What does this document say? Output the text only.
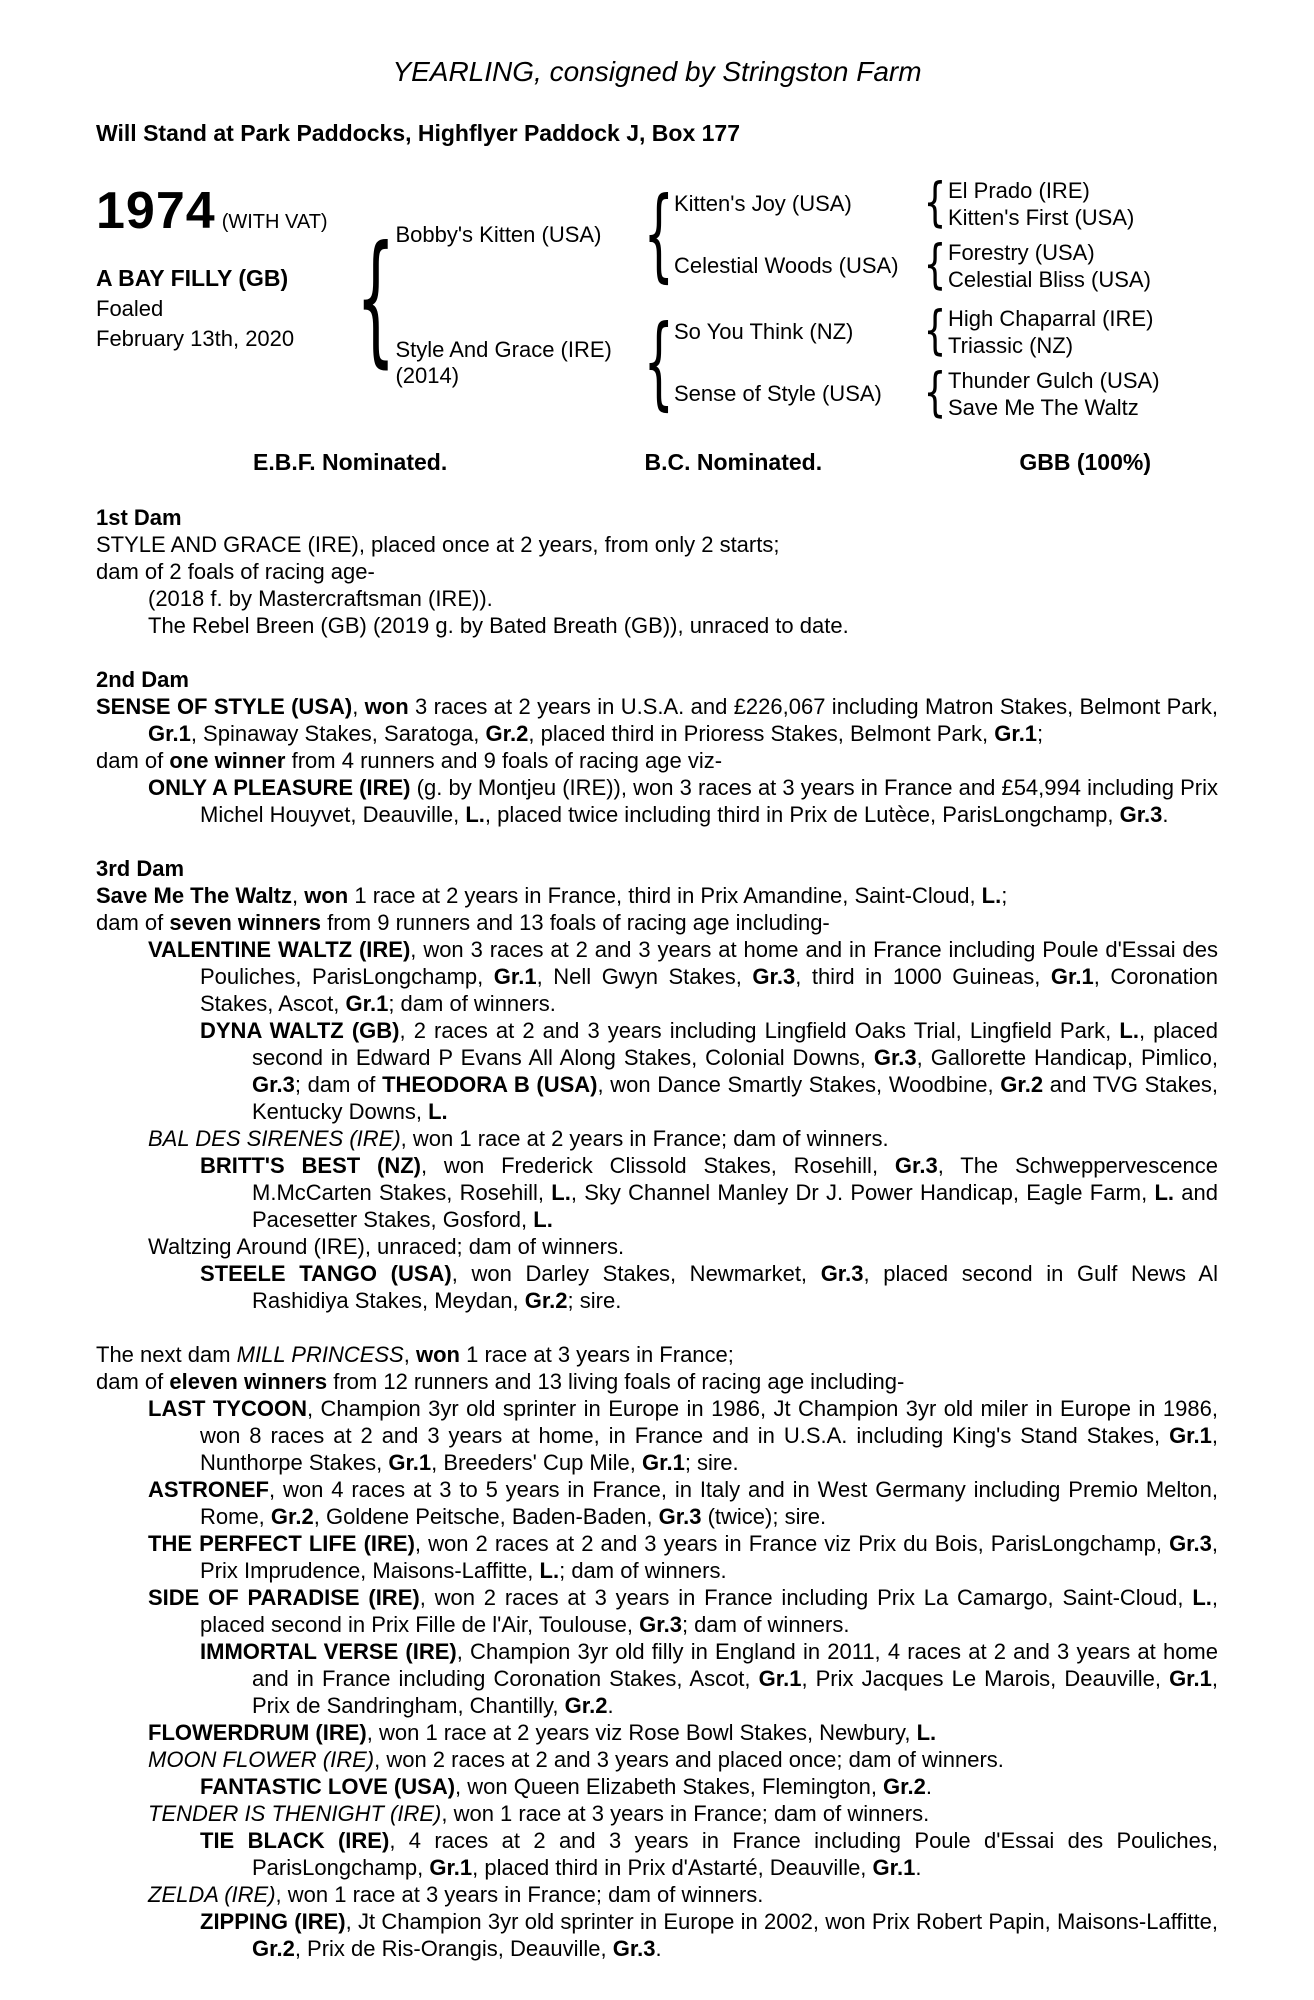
YEARLING, consigned by Stringston Farm
Will Stand at Park Paddocks, Highflyer Paddock J, Box 177
1974 (WITH VAT)
A BAY FILLY (GB)
Foaled
February 13th, 2020 { Bobby's Kitten (USA) { Kitten's Joy (USA)	{ El Prado (IRE)
Kitten's First (USA)
Celestial Woods (USA) { Forestry (USA)
Celestial Bliss (USA)
Style And Grace (IRE)
(2014)	{ So You Think (NZ)	{ High Chaparral (IRE)
Triassic (NZ)
Sense of Style (USA)	{ Thunder Gulch (USA)
Save Me The Waltz
E.B.F. Nominated.	B.C. Nominated.	GBB (100%)
1st Dam
STYLE AND GRACE (IRE), placed once at 2 years, from only 2 starts;
dam of 2 foals of racing age-
(2018 f. by Mastercraftsman (IRE)).
The Rebel Breen (GB) (2019 g. by Bated Breath (GB)), unraced to date.
2nd Dam
SENSE OF STYLE (USA), won 3 races at 2 years in U.S.A. and £226,067 including Matron Stakes, Belmont Park, Gr.1, Spinaway Stakes, Saratoga, Gr.2, placed third in Prioress Stakes, Belmont Park, Gr.1;
dam of one winner from 4 runners and 9 foals of racing age viz-
ONLY A PLEASURE (IRE) (g. by Montjeu (IRE)), won 3 races at 3 years in France and £54,994 including Prix Michel Houyvet, Deauville, L., placed twice including third in Prix de Lutèce, ParisLongchamp, Gr.3.
3rd Dam
Save Me The Waltz, won 1 race at 2 years in France, third in Prix Amandine, Saint-Cloud, L.;
dam of seven winners from 9 runners and 13 foals of racing age including-
VALENTINE WALTZ (IRE), won 3 races at 2 and 3 years at home and in France including Poule d'Essai des Pouliches, ParisLongchamp, Gr.1, Nell Gwyn Stakes, Gr.3, third in 1000 Guineas, Gr.1, Coronation Stakes, Ascot, Gr.1; dam of winners.
DYNA WALTZ (GB), 2 races at 2 and 3 years including Lingfield Oaks Trial, Lingfield Park, L., placed second in Edward P Evans All Along Stakes, Colonial Downs, Gr.3, Gallorette Handicap, Pimlico, Gr.3; dam of THEODORA B (USA), won Dance Smartly Stakes, Woodbine, Gr.2 and TVG Stakes, Kentucky Downs, L.
BAL DES SIRENES (IRE), won 1 race at 2 years in France; dam of winners.
BRITT'S BEST (NZ), won Frederick Clissold Stakes, Rosehill, Gr.3, The Schweppervescence M.McCarten Stakes, Rosehill, L., Sky Channel Manley Dr J. Power Handicap, Eagle Farm, L. and Pacesetter Stakes, Gosford, L.
Waltzing Around (IRE), unraced; dam of winners.
STEELE TANGO (USA), won Darley Stakes, Newmarket, Gr.3, placed second in Gulf News Al Rashidiya Stakes, Meydan, Gr.2; sire.
The next dam MILL PRINCESS, won 1 race at 3 years in France;
dam of eleven winners from 12 runners and 13 living foals of racing age including-
LAST TYCOON, Champion 3yr old sprinter in Europe in 1986, Jt Champion 3yr old miler in Europe in 1986, won 8 races at 2 and 3 years at home, in France and in U.S.A. including King's Stand Stakes, Gr.1, Nunthorpe Stakes, Gr.1, Breeders' Cup Mile, Gr.1; sire.
ASTRONEF, won 4 races at 3 to 5 years in France, in Italy and in West Germany including Premio Melton, Rome, Gr.2, Goldene Peitsche, Baden-Baden, Gr.3 (twice); sire.
THE PERFECT LIFE (IRE), won 2 races at 2 and 3 years in France viz Prix du Bois, ParisLongchamp, Gr.3, Prix Imprudence, Maisons-Laffitte, L.; dam of winners.
SIDE OF PARADISE (IRE), won 2 races at 3 years in France including Prix La Camargo, Saint-Cloud, L., placed second in Prix Fille de l'Air, Toulouse, Gr.3; dam of winners.
IMMORTAL VERSE (IRE), Champion 3yr old filly in England in 2011, 4 races at 2 and 3 years at home and in France including Coronation Stakes, Ascot, Gr.1, Prix Jacques Le Marois, Deauville, Gr.1, Prix de Sandringham, Chantilly, Gr.2.
FLOWERDRUM (IRE), won 1 race at 2 years viz Rose Bowl Stakes, Newbury, L.
MOON FLOWER (IRE), won 2 races at 2 and 3 years and placed once; dam of winners.
FANTASTIC LOVE (USA), won Queen Elizabeth Stakes, Flemington, Gr.2.
TENDER IS THENIGHT (IRE), won 1 race at 3 years in France; dam of winners.
TIE BLACK (IRE), 4 races at 2 and 3 years in France including Poule d'Essai des Pouliches, ParisLongchamp, Gr.1, placed third in Prix d'Astarté, Deauville, Gr.1.
ZELDA (IRE), won 1 race at 3 years in France; dam of winners.
ZIPPING (IRE), Jt Champion 3yr old sprinter in Europe in 2002, won Prix Robert Papin, Maisons-Laffitte, Gr.2, Prix de Ris-Orangis, Deauville, Gr.3.
